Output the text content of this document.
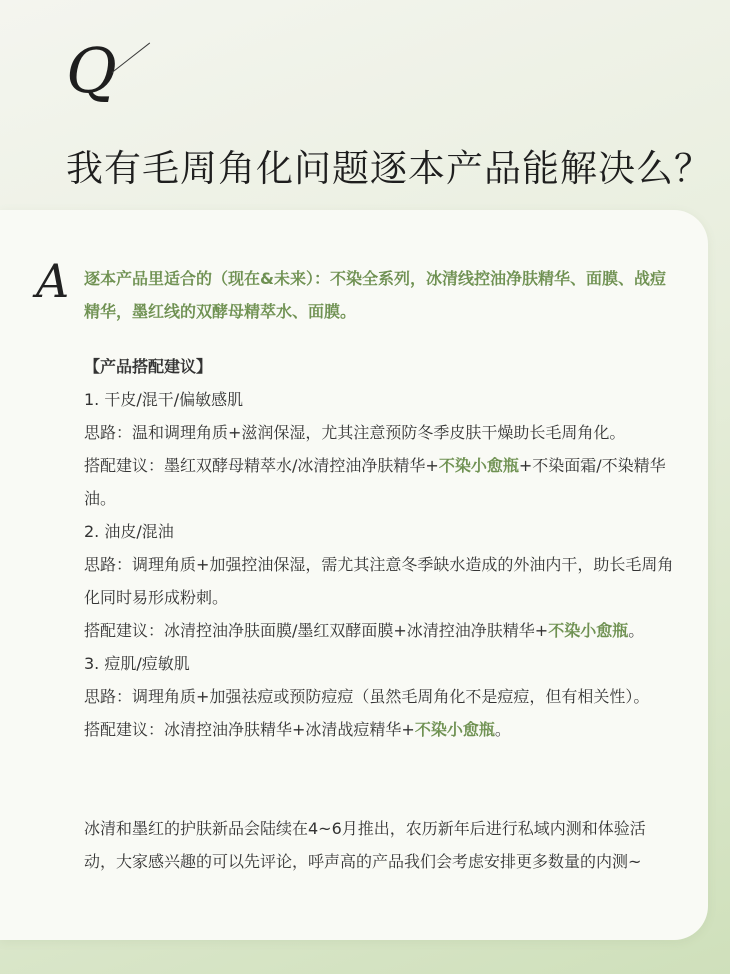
Q
我有毛周角化问题逐本产品能解决么？
A 逐本产品里适合的（现在&未来）：不染全系列，冰清线控油净肤精华、面膜、战痘精华，墨红线的双酵母精萃水、面膜。
【产品搭配建议】
1. 干皮/混干/偏敏感肌
思路：温和调理角质+滋润保湿，尤其注意预防冬季皮肤干燥助长毛周角化。
搭配建议：墨红双酵母精萃水/冰清控油净肤精华+不染小愈瓶+不染面霜/不染精华油。
2. 油皮/混油
思路：调理角质+加强控油保湿，需尤其注意冬季缺水造成的外油内干，助长毛周角化同时易形成粉刺。
搭配建议：冰清控油净肤面膜/墨红双酵面膜+冰清控油净肤精华+不染小愈瓶。
3. 痘肌/痘敏肌
思路：调理角质+加强祛痘或预防痘痘（虽然毛周角化不是痘痘，但有相关性）。
搭配建议：冰清控油净肤精华+冰清战痘精华+不染小愈瓶。
冰清和墨红的护肤新品会陆续在4~6月推出，农历新年后进行私域内测和体验活动，大家感兴趣的可以先评论，呼声高的产品我们会考虑安排更多数量的内测~
